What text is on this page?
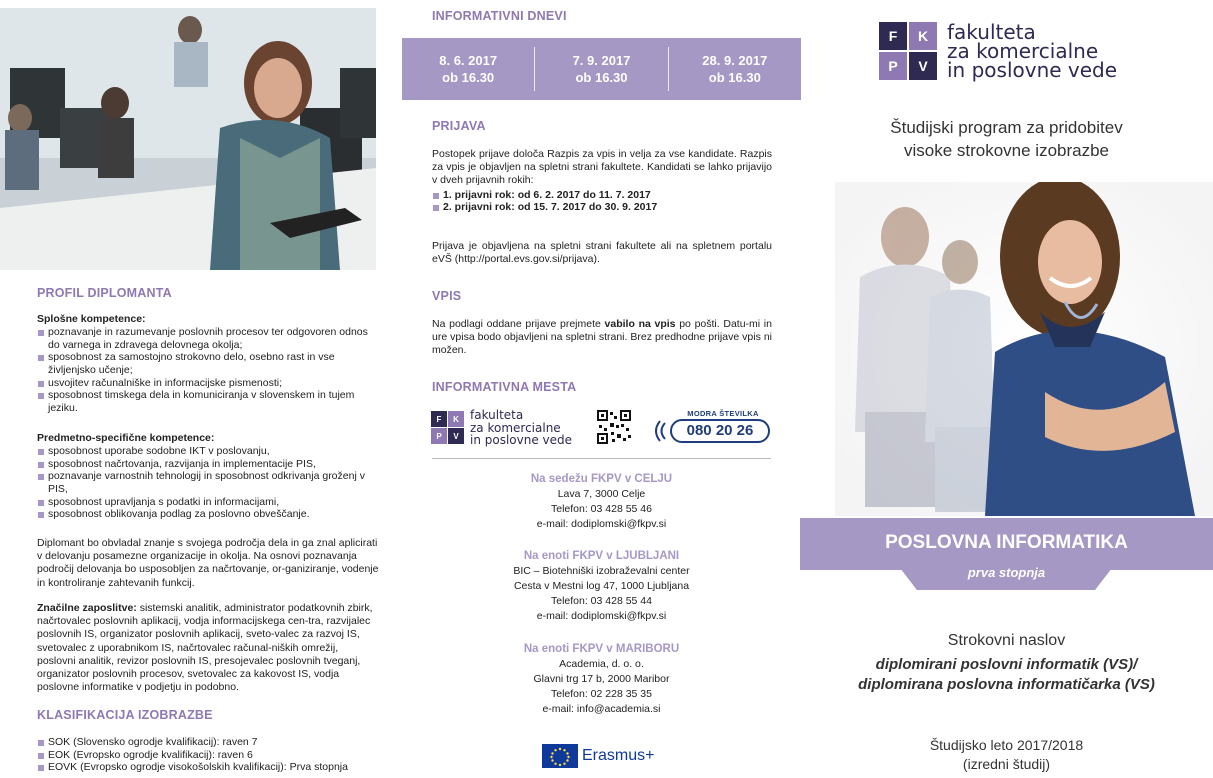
PROFIL DIPLOMANTA
Splošne kompetence:
poznavanje in razumevanje poslovnih procesov ter odgovoren odnos do varnega in zdravega delovnega okolja;
sposobnost za samostojno strokovno delo, osebno rast in vse življenjsko učenje;
usvojitev računalniške in informacijske pismenosti;
sposobnost timskega dela in komuniciranja v slovenskem in tujem jeziku.
Predmetno-specifične kompetence:
sposobnost uporabe sodobne IKT v poslovanju,
sposobnost načrtovanja, razvijanja in implementacije PIS,
poznavanje varnostnih tehnologij in sposobnost odkrivanja groženj v PIS,
sposobnost upravljanja s podatki in informacijami,
sposobnost oblikovanja podlag za poslovno obveščanje.

Diplomant bo obvladal znanje s svojega področja dela in ga znal aplicirati v delovanju posamezne organizacije in okolja. Na osnovi poznavanja področij delovanja bo usposobljen za načrtovanje, or-ganiziranje, vodenje in kontroliranje zahtevanih funkcij.

Značilne zaposlitve: sistemski analitik, administrator podatkovnih zbirk, načrtovalec poslovnih aplikacij, vodja informacijskega cen-tra, razvijalec poslovnih IS, organizator poslovnih aplikacij, sveto-valec za razvoj IS, svetovalec z uporabnikom IS, načrtovalec računal-niških omrežij, poslovni analitik, revizor poslovnih IS, presojevalec poslovnih tveganj, organizator poslovnih procesov, svetovalec za kakovost IS, vodja poslovne informatike v podjetju in podobno.

KLASIFIKACIJA IZOBRAZBE
SOK (Slovensko ogrodje kvalifikacij): raven 7
EOK (Evropsko ogrodje kvalifikacij): raven 6
EOVK (Evropsko ogrodje visokošolskih kvalifikacij): Prva stopnja
INFORMATIVNI DNEVI
8. 6. 2017
ob 16.30
7. 9. 2017
ob 16.30
28. 9. 2017
ob 16.30
PRIJAVA

Postopek prijave določa Razpis za vpis in velja za vse kandidate. Razpis za vpis je objavljen na spletni strani fakultete. Kandidati se lahko prijavijo v dveh prijavnih rokih:

1. prijavni rok: od 6. 2. 2017 do 11. 7. 2017
2. prijavni rok: od 15. 7. 2017 do 30. 9. 2017

Prijava je objavljena na spletni strani fakultete ali na spletnem portalu eVŠ (http://portal.evs.gov.si/prijava).

VPIS

Na podlagi oddane prijave prejmete vabilo na vpis po pošti. Datu-mi in ure vpisa bodo objavljeni na spletni strani. Brez predhodne prijave vpis ni možen.

INFORMATIVNA MESTA
F	K
P	V
fakulteta
za komercialne
in poslovne vede
MODRA ŠTEVILKA
080 20 26
Na sedežu FKPV v CELJU
Lava 7, 3000 Celje
Telefon: 03 428 55 46
e-mail: dodiplomski@fkpv.si
Na enoti FKPV v LJUBLJANI
BIC – Biotehniški izobraževalni center
Cesta v Mestni log 47, 1000 Ljubljana
Telefon: 03 428 55 44
e-mail: dodiplomski@fkpv.si
Na enoti FKPV v MARIBORU
Academia, d. o. o.
Glavni trg 17 b, 2000 Maribor
Telefon: 02 228 35 35
e-mail: info@academia.si
Erasmus+
F	K
P	V
fakulteta
za komercialne
in poslovne vede
Študijski program za pridobitev
visoke strokovne izobrazbe
POSLOVNA INFORMATIKA
prva stopnja
Strokovni naslov
diplomirani poslovni informatik (VS)/
diplomirana poslovna informatičarka (VS)
Študijsko leto 2017/2018
(izredni študij)
